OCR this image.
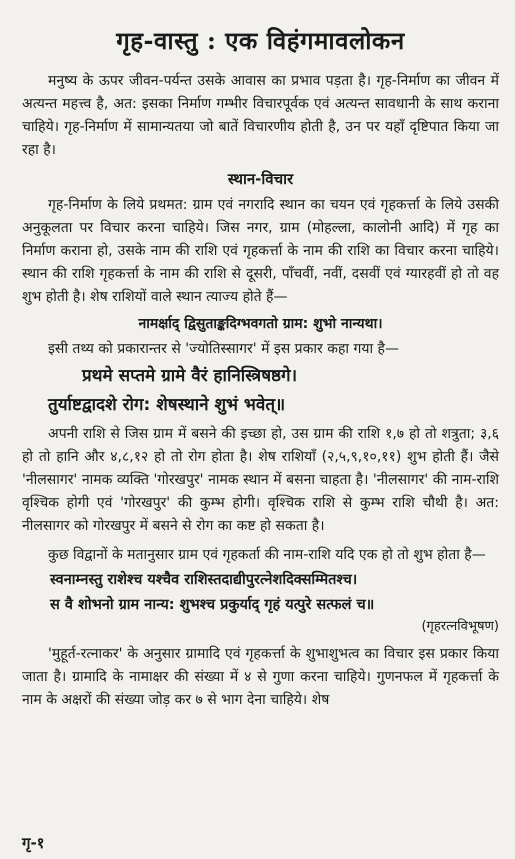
गृह-वास्तु : एक विहंगमावलोकन

मनुष्य के ऊपर जीवन-पर्यन्त उसके आवास का प्रभाव पड़ता है। गृह-निर्माण का जीवन में अत्यन्त महत्त्व है, अत: इसका निर्माण गम्भीर विचारपूर्वक एवं अत्यन्त सावधानी के साथ कराना चाहिये। गृह-निर्माण में सामान्यतया जो बातें विचारणीय होती है, उन पर यहाँ दृष्टिपात किया जा रहा है।

स्थान-विचार

गृह-निर्माण के लिये प्रथमत: ग्राम एवं नगरादि स्थान का चयन एवं गृहकर्त्ता के लिये उसकी अनुकूलता पर विचार करना चाहिये। जिस नगर, ग्राम (मोहल्ला, कालोनी आदि) में गृह का निर्माण कराना हो, उसके नाम की राशि एवं गृहकर्त्ता के नाम की राशि का विचार करना चाहिये। स्थान की राशि गृहकर्त्ता के नाम की राशि से दूसरी, पाँचवीं, नवीं, दसवीं एवं ग्यारहवीं हो तो वह शुभ होती है। शेष राशियों वाले स्थान त्याज्य होते हैं—

नामर्क्षाद् द्विसुताङ्कदिग्भवगतो ग्राम: शुभो नान्यथा।

इसी तथ्य को प्रकारान्तर से 'ज्योतिस्सागर' में इस प्रकार कहा गया है—

प्रथमे सप्तमे ग्रामे वैरं हानिस्त्रिषष्ठगे।
तुर्याष्टद्वादशे रोग: शेषस्थाने शुभं भवेत्॥

अपनी राशि से जिस ग्राम में बसने की इच्छा हो, उस ग्राम की राशि १,७ हो तो शत्रुता; ३,६ हो तो हानि और ४,८,१२ हो तो रोग होता है। शेष राशियाँ (२,५,९,१०,११) शुभ होती हैं। जैसे 'नीलसागर' नामक व्यक्ति 'गोरखपुर' नामक स्थान में बसना चाहता है। 'नीलसागर' की नाम-राशि वृश्चिक होगी एवं 'गोरखपुर' की कुम्भ होगी। वृश्चिक राशि से कुम्भ राशि चौथी है। अत: नीलसागर को गोरखपुर में बसने से रोग का कष्ट हो सकता है।

कुछ विद्वानों के मतानुसार ग्राम एवं गृहकर्ता की नाम-राशि यदि एक हो तो शुभ होता है—

स्वनाम्नस्तु राशेश्च यश्चैव राशिस्तदाद्यीपुरत्नेशदिक्सम्मितश्च।
स वै शोभनो ग्राम नान्य: शुभश्च प्रकुर्याद् गृहं यत्पुरे सत्फलं च॥
(गृहरत्नविभूषण)

'मुहूर्त-रत्नाकर' के अनुसार ग्रामादि एवं गृहकर्त्ता के शुभाशुभत्व का विचार इस प्रकार किया जाता है। ग्रामादि के नामाक्षर की संख्या में ४ से गुणा करना चाहिये। गुणनफल में गृहकर्त्ता के नाम के अक्षरों की संख्या जोड़ कर ७ से भाग देना चाहिये। शेष

गृ-१
